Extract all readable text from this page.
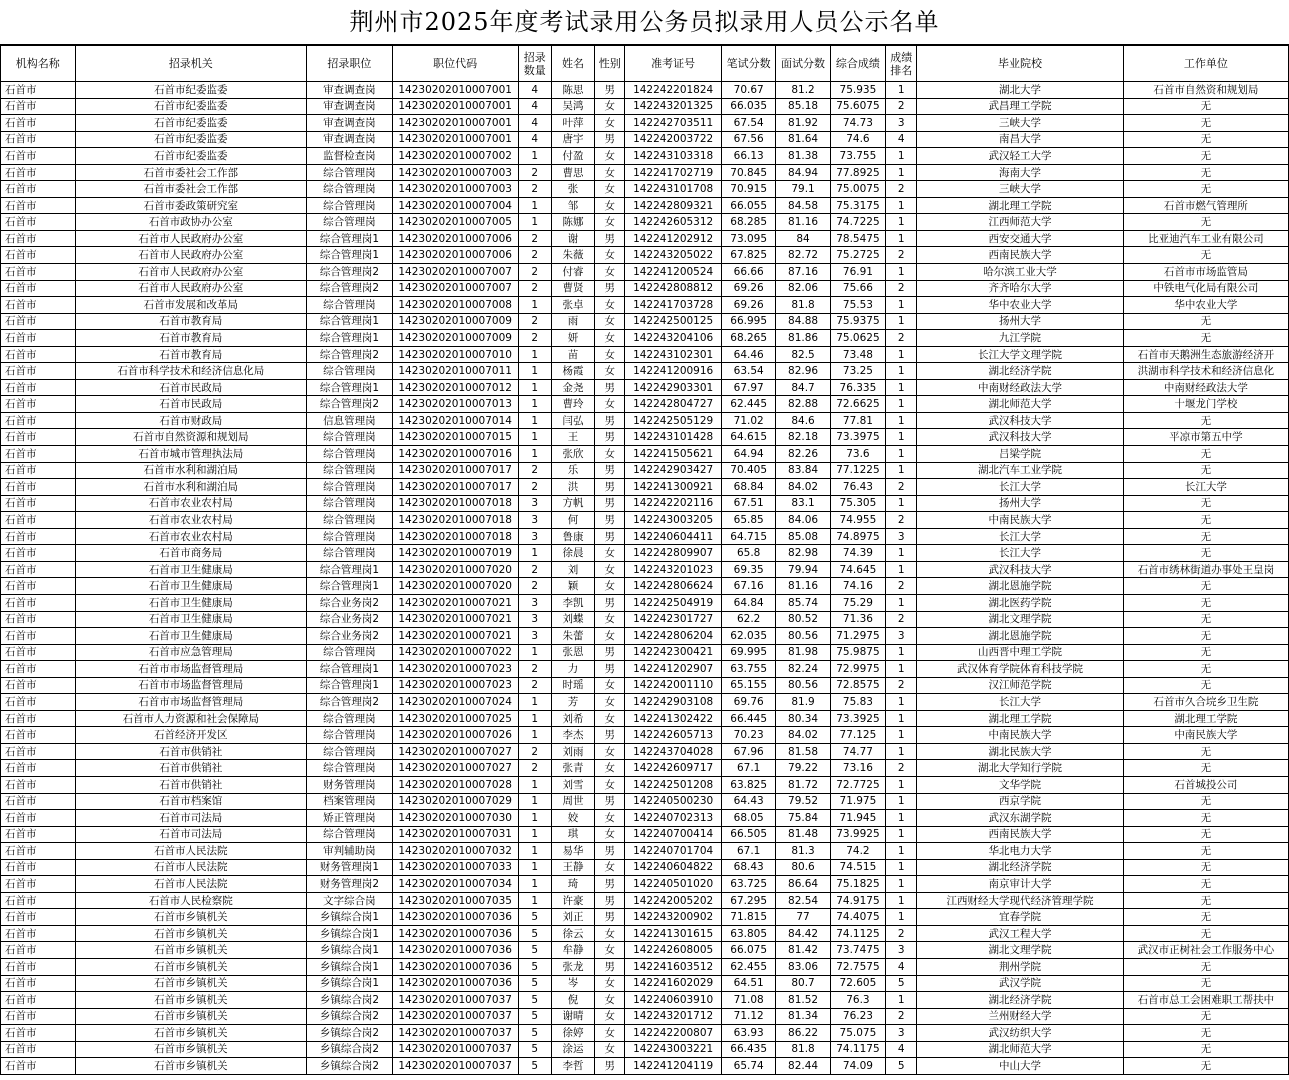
荆州市2025年度考试录用公务员拟录用人员公示名单
机构名称	招录机关	招录职位	职位代码	招录数量	姓名	性别	准考证号	笔试分数	面试分数	综合成绩	成绩排名	毕业院校	工作单位
石首市	石首市纪委监委	审查调查岗	14230202010007001	4	陈思	男	142242201824	70.67	81.2	75.935	1	湖北大学	石首市自然资和规划局
石首市	石首市纪委监委	审查调查岗	14230202010007001	4	吴鸿	女	142243201325	66.035	85.18	75.6075	2	武昌理工学院	无
石首市	石首市纪委监委	审查调查岗	14230202010007001	4	叶萍	女	142242703511	67.54	81.92	74.73	3	三峡大学	无
石首市	石首市纪委监委	审查调查岗	14230202010007001	4	唐宇	男	142242003722	67.56	81.64	74.6	4	南昌大学	无
石首市	石首市纪委监委	监督检查岗	14230202010007002	1	付盈	女	142243103318	66.13	81.38	73.755	1	武汉轻工大学	无
石首市	石首市委社会工作部	综合管理岗	14230202010007003	2	曹思	女	142241702719	70.845	84.94	77.8925	1	海南大学	无
石首市	石首市委社会工作部	综合管理岗	14230202010007003	2	张	女	142243101708	70.915	79.1	75.0075	2	三峡大学	无
石首市	石首市委政策研究室	综合管理岗	14230202010007004	1	邹	女	142242809321	66.055	84.58	75.3175	1	湖北理工学院	石首市燃气管理所
石首市	石首市政协办公室	综合管理岗	14230202010007005	1	陈娜	女	142242605312	68.285	81.16	74.7225	1	江西师范大学	无
石首市	石首市人民政府办公室	综合管理岗1	14230202010007006	2	谢	男	142241202912	73.095	84	78.5475	1	西安交通大学	比亚迪汽车工业有限公司
石首市	石首市人民政府办公室	综合管理岗1	14230202010007006	2	朱薇	女	142243205022	67.825	82.72	75.2725	2	西南民族大学	无
石首市	石首市人民政府办公室	综合管理岗2	14230202010007007	2	付睿	女	142241200524	66.66	87.16	76.91	1	哈尔滨工业大学	石首市市场监管局
石首市	石首市人民政府办公室	综合管理岗2	14230202010007007	2	曹贤	男	142242808812	69.26	82.06	75.66	2	齐齐哈尔大学	中铁电气化局有限公司
石首市	石首市发展和改革局	综合管理岗	14230202010007008	1	张卓	女	142241703728	69.26	81.8	75.53	1	华中农业大学	华中农业大学
石首市	石首市教育局	综合管理岗1	14230202010007009	2	雨	女	142242500125	66.995	84.88	75.9375	1	扬州大学	无
石首市	石首市教育局	综合管理岗1	14230202010007009	2	妍	女	142243204106	68.265	81.86	75.0625	2	九江学院	无
石首市	石首市教育局	综合管理岗2	14230202010007010	1	苗	女	142243102301	64.46	82.5	73.48	1	长江大学文理学院	石首市天鹅洲生态旅游经济开
石首市	石首市科学技术和经济信息化局	综合管理岗	14230202010007011	1	杨霞	女	142241200916	63.54	82.96	73.25	1	湖北经济学院	洪湖市科学技术和经济信息化
石首市	石首市民政局	综合管理岗1	14230202010007012	1	金尧	男	142242903301	67.97	84.7	76.335	1	中南财经政法大学	中南财经政法大学
石首市	石首市民政局	综合管理岗2	14230202010007013	1	曹玲	女	142242804727	62.445	82.88	72.6625	1	湖北师范大学	十堰龙门学校
石首市	石首市财政局	信息管理岗	14230202010007014	1	闫弘	男	142242505129	71.02	84.6	77.81	1	武汉科技大学	无
石首市	石首市自然资源和规划局	综合管理岗	14230202010007015	1	王	男	142243101428	64.615	82.18	73.3975	1	武汉科技大学	平凉市第五中学
石首市	石首市城市管理执法局	综合管理岗	14230202010007016	1	张欣	女	142241505621	64.94	82.26	73.6	1	吕梁学院	无
石首市	石首市水利和湖泊局	综合管理岗	14230202010007017	2	乐	男	142242903427	70.405	83.84	77.1225	1	湖北汽车工业学院	无
石首市	石首市水利和湖泊局	综合管理岗	14230202010007017	2	洪	男	142241300921	68.84	84.02	76.43	2	长江大学	长江大学
石首市	石首市农业农村局	综合管理岗	14230202010007018	3	方帆	男	142242202116	67.51	83.1	75.305	1	扬州大学	无
石首市	石首市农业农村局	综合管理岗	14230202010007018	3	何	男	142243003205	65.85	84.06	74.955	2	中南民族大学	无
石首市	石首市农业农村局	综合管理岗	14230202010007018	3	鲁康	男	142240604411	64.715	85.08	74.8975	3	长江大学	无
石首市	石首市商务局	综合管理岗	14230202010007019	1	徐晨	女	142242809907	65.8	82.98	74.39	1	长江大学	无
石首市	石首市卫生健康局	综合管理岗1	14230202010007020	2	刘	女	142243201023	69.35	79.94	74.645	1	武汉科技大学	石首市绣林街道办事处王皇岗
石首市	石首市卫生健康局	综合管理岗1	14230202010007020	2	颖	女	142242806624	67.16	81.16	74.16	2	湖北恩施学院	无
石首市	石首市卫生健康局	综合业务岗2	14230202010007021	3	李凯	男	142242504919	64.84	85.74	75.29	1	湖北医药学院	无
石首市	石首市卫生健康局	综合业务岗2	14230202010007021	3	刘蝶	女	142242301727	62.2	80.52	71.36	2	湖北文理学院	无
石首市	石首市卫生健康局	综合业务岗2	14230202010007021	3	朱蕾	女	142242806204	62.035	80.56	71.2975	3	湖北恩施学院	无
石首市	石首市应急管理局	综合管理岗	14230202010007022	1	张恩	男	142242300421	69.995	81.98	75.9875	1	山西晋中理工学院	无
石首市	石首市市场监督管理局	综合管理岗1	14230202010007023	2	力	男	142241202907	63.755	82.24	72.9975	1	武汉体育学院体育科技学院	无
石首市	石首市市场监督管理局	综合管理岗1	14230202010007023	2	时瑶	女	142242001110	65.155	80.56	72.8575	2	汉江师范学院	无
石首市	石首市市场监督管理局	综合管理岗2	14230202010007024	1	芳	女	142242903108	69.76	81.9	75.83	1	长江大学	石首市久合垸乡卫生院
石首市	石首市人力资源和社会保障局	综合管理岗	14230202010007025	1	刘希	女	142241302422	66.445	80.34	73.3925	1	湖北理工学院	湖北理工学院
石首市	石首经济开发区	综合管理岗	14230202010007026	1	李杰	男	142242605713	70.23	84.02	77.125	1	中南民族大学	中南民族大学
石首市	石首市供销社	综合管理岗	14230202010007027	2	刘雨	女	142243704028	67.96	81.58	74.77	1	湖北民族大学	无
石首市	石首市供销社	综合管理岗	14230202010007027	2	张青	女	142242609717	67.1	79.22	73.16	2	湖北大学知行学院	无
石首市	石首市供销社	财务管理岗	14230202010007028	1	刘雪	女	142242501208	63.825	81.72	72.7725	1	文华学院	石首城投公司
石首市	石首市档案馆	档案管理岗	14230202010007029	1	周世	男	142240500230	64.43	79.52	71.975	1	西京学院	无
石首市	石首市司法局	矫正管理岗	14230202010007030	1	姣	女	142240702313	68.05	75.84	71.945	1	武汉东湖学院	无
石首市	石首市司法局	综合管理岗	14230202010007031	1	琪	女	142240700414	66.505	81.48	73.9925	1	西南民族大学	无
石首市	石首市人民法院	审判辅助岗	14230202010007032	1	易华	男	142240701704	67.1	81.3	74.2	1	华北电力大学	无
石首市	石首市人民法院	财务管理岗1	14230202010007033	1	王静	女	142240604822	68.43	80.6	74.515	1	湖北经济学院	无
石首市	石首市人民法院	财务管理岗2	14230202010007034	1	琦	男	142240501020	63.725	86.64	75.1825	1	南京审计大学	无
石首市	石首市人民检察院	文字综合岗	14230202010007035	1	许豪	男	142242005202	67.295	82.54	74.9175	1	江西财经大学现代经济管理学院	无
石首市	石首市乡镇机关	乡镇综合岗1	14230202010007036	5	刘正	男	142243200902	71.815	77	74.4075	1	宜春学院	无
石首市	石首市乡镇机关	乡镇综合岗1	14230202010007036	5	徐云	女	142241301615	63.805	84.42	74.1125	2	武汉工程大学	无
石首市	石首市乡镇机关	乡镇综合岗1	14230202010007036	5	牟静	女	142242608005	66.075	81.42	73.7475	3	湖北文理学院	武汉市正树社会工作服务中心
石首市	石首市乡镇机关	乡镇综合岗1	14230202010007036	5	张龙	男	142241603512	62.455	83.06	72.7575	4	荆州学院	无
石首市	石首市乡镇机关	乡镇综合岗1	14230202010007036	5	岑	女	142241602029	64.51	80.7	72.605	5	武汉学院	无
石首市	石首市乡镇机关	乡镇综合岗2	14230202010007037	5	倪	女	142240603910	71.08	81.52	76.3	1	湖北经济学院	石首市总工会困难职工帮扶中
石首市	石首市乡镇机关	乡镇综合岗2	14230202010007037	5	谢晴	女	142243201712	71.12	81.34	76.23	2	兰州财经大学	无
石首市	石首市乡镇机关	乡镇综合岗2	14230202010007037	5	徐婷	女	142242200807	63.93	86.22	75.075	3	武汉纺织大学	无
石首市	石首市乡镇机关	乡镇综合岗2	14230202010007037	5	涂运	女	142243003221	66.435	81.8	74.1175	4	湖北师范大学	无
石首市	石首市乡镇机关	乡镇综合岗2	14230202010007037	5	李哲	男	142241204119	65.74	82.44	74.09	5	中山大学	无
